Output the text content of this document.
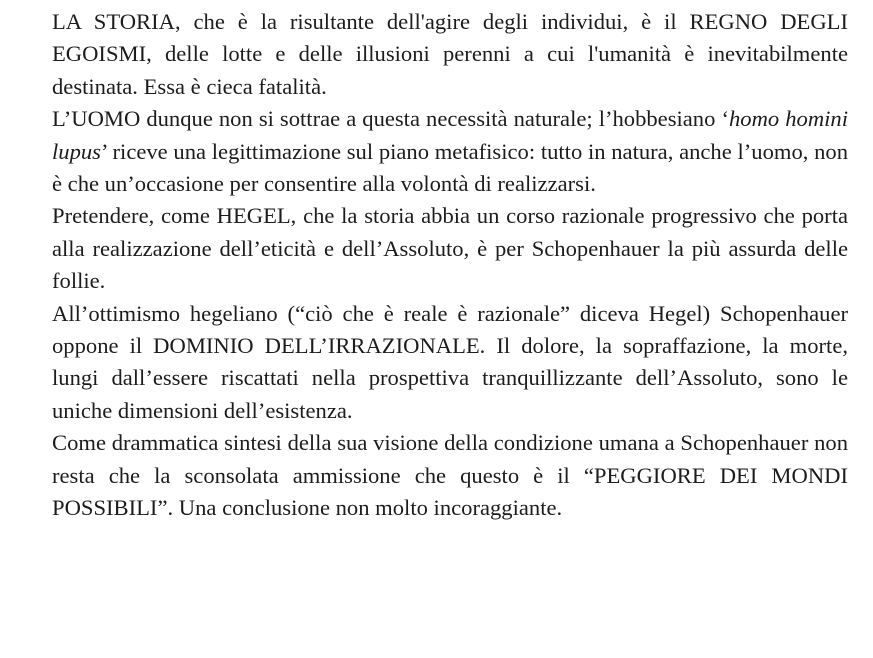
LA STORIA, che è la risultante dell'agire degli individui, è il REGNO DEGLI EGOISMI, delle lotte e delle illusioni perenni a cui l'umanità è inevitabilmente destinata. Essa è cieca fatalità.

L’UOMO dunque non si sottrae a questa necessità naturale; l’hobbesiano ‘homo homini lupus’ riceve una legittimazione sul piano metafisico: tutto in natura, anche l’uomo, non è che un’occasione per consentire alla volontà di realizzarsi.

Pretendere, come HEGEL, che la storia abbia un corso razionale progressivo che porta alla realizzazione dell’eticità e dell’Assoluto, è per Schopenhauer la più assurda delle follie.

All’ottimismo hegeliano (“ciò che è reale è razionale” diceva Hegel) Schopenhauer oppone il DOMINIO DELL’IRRAZIONALE. Il dolore, la sopraffazione, la morte, lungi dall’essere riscattati nella prospettiva tranquillizzante dell’Assoluto, sono le uniche dimensioni dell’esistenza.

Come drammatica sintesi della sua visione della condizione umana a Schopenhauer non resta che la sconsolata ammissione che questo è il “PEGGIORE DEI MONDI POSSIBILI”. Una conclusione non molto incoraggiante.
